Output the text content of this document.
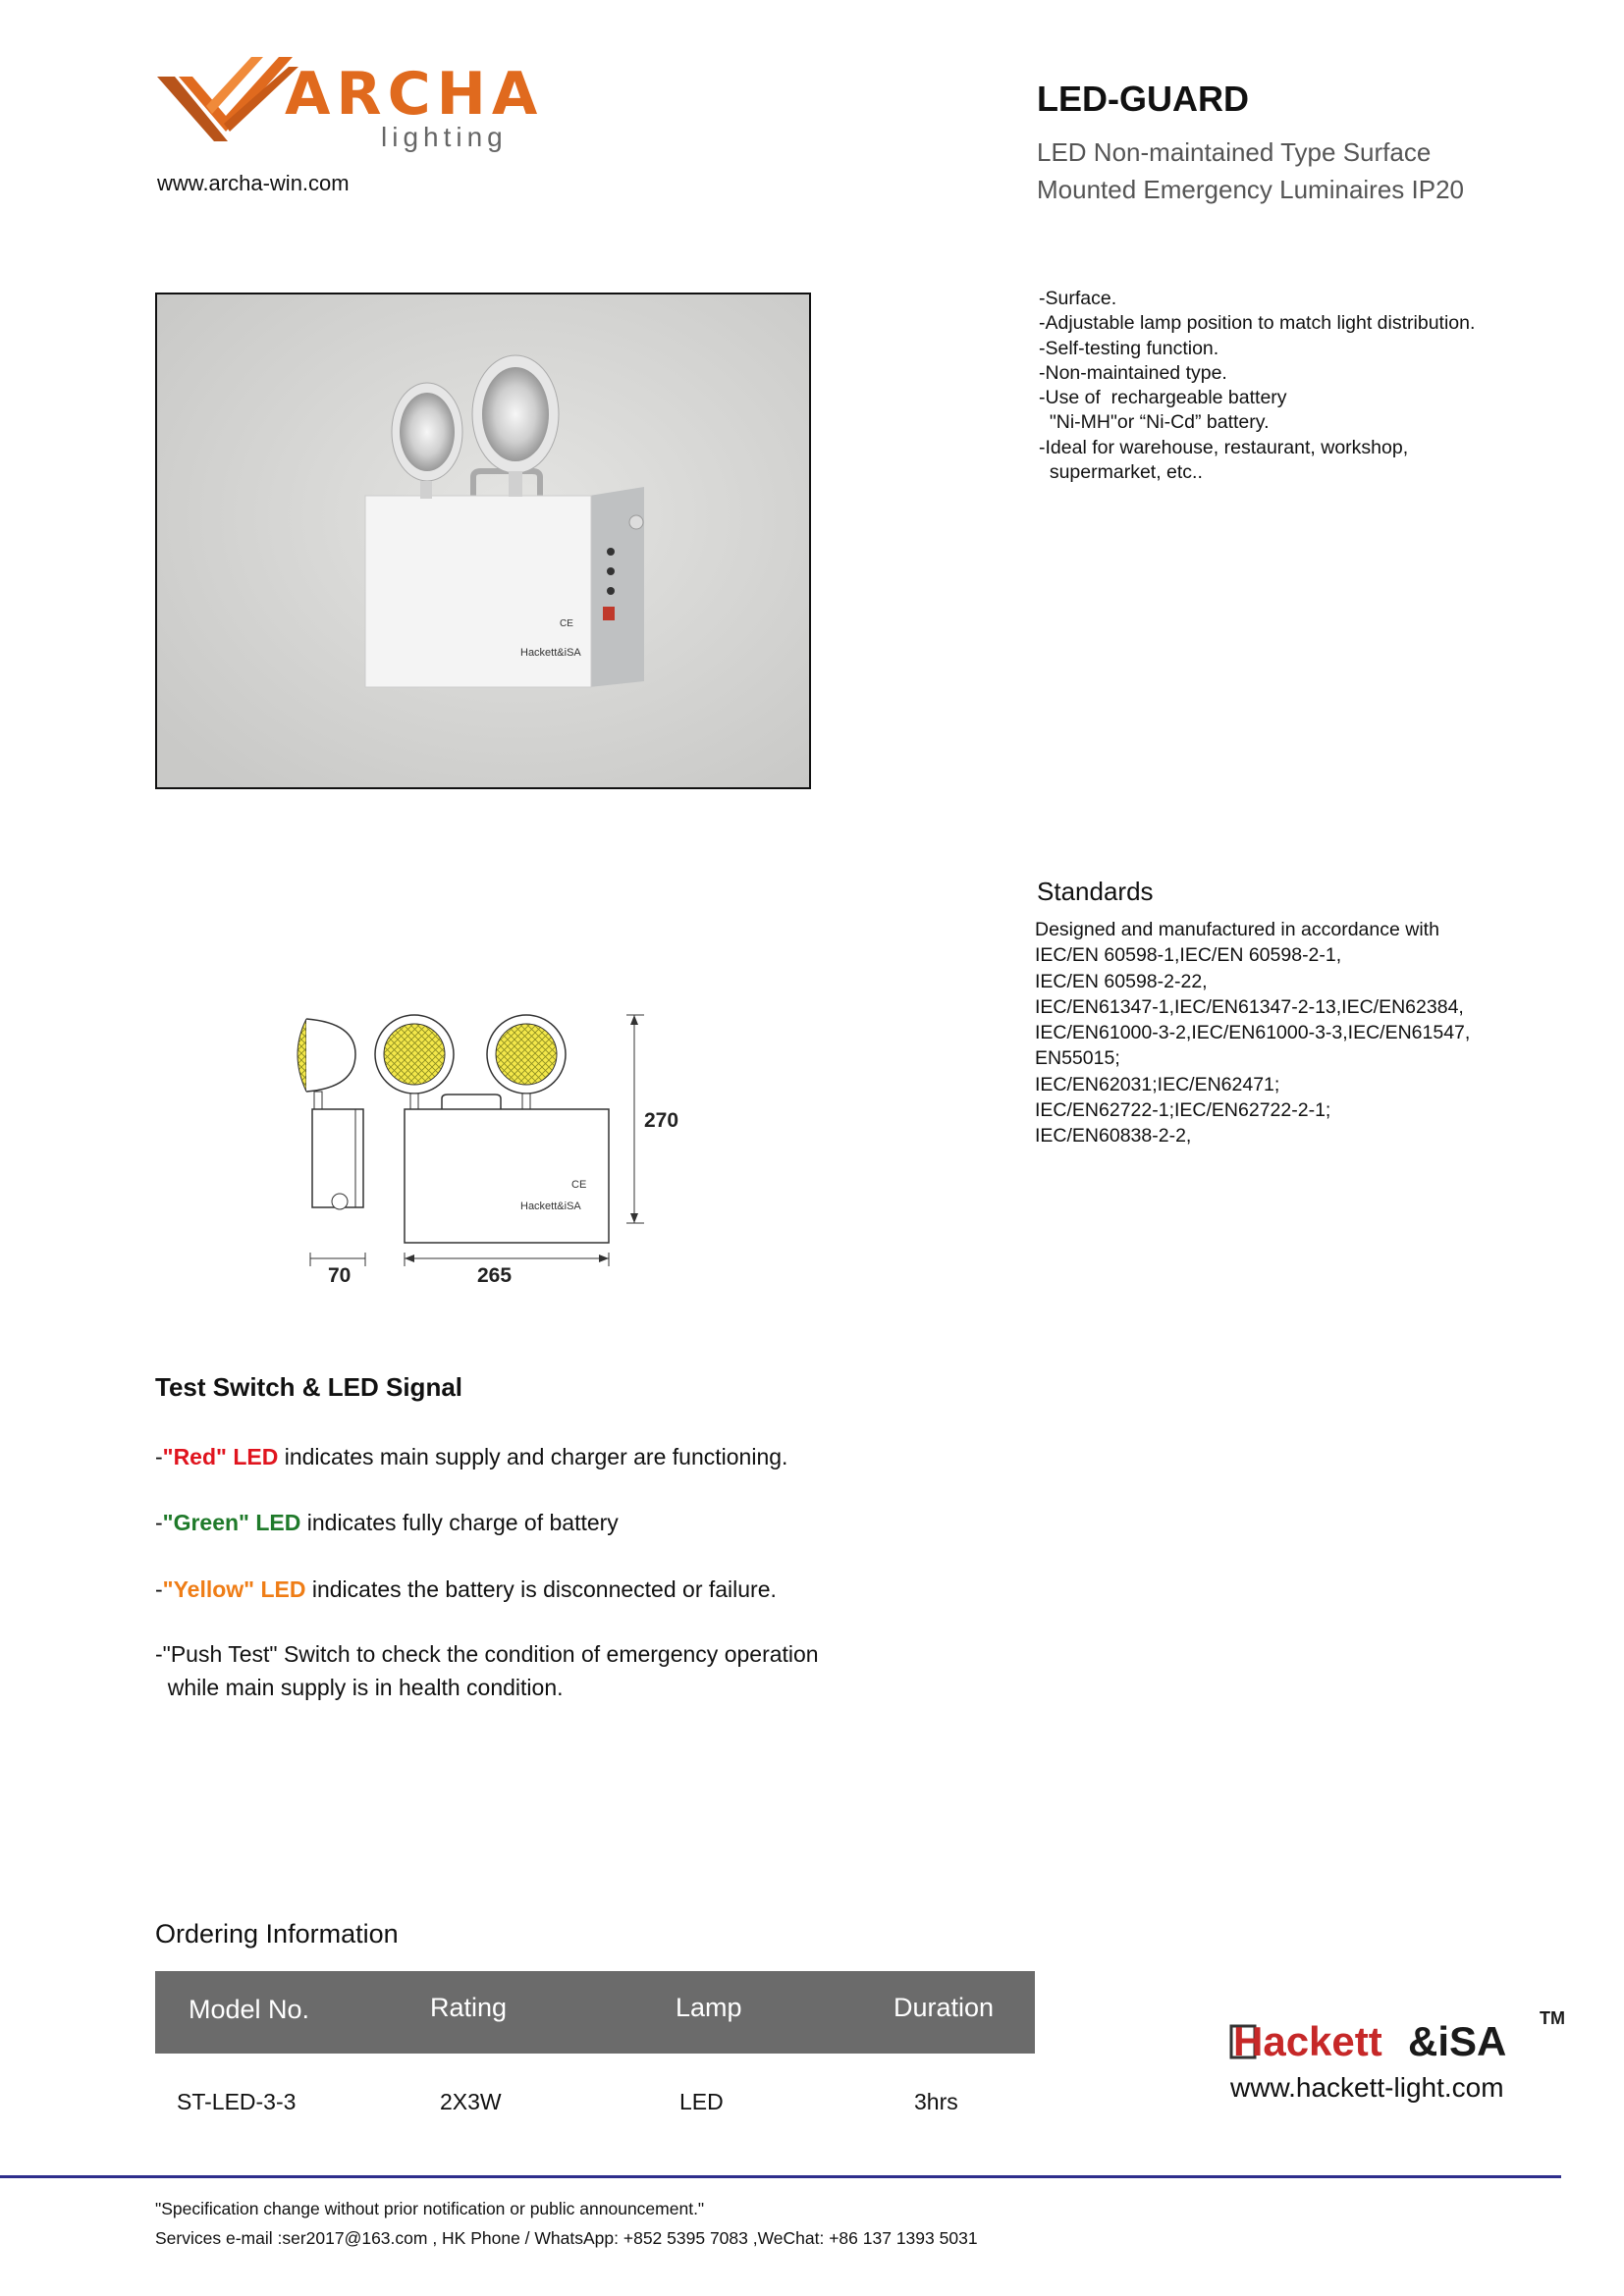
ARCHA
lighting
www.archa-win.com
LED-GUARD
LED Non-maintained Type Surface
Mounted Emergency Luminaires IP20
CE
Hackett&iSA
-Surface.
-Adjustable lamp position to match light distribution.
-Self-testing function.
-Non-maintained type.
-Use of  rechargeable battery
"Ni-MH"or “Ni-Cd” battery.
-Ideal for warehouse, restaurant, workshop,
supermarket, etc..
Standards
Designed and manufactured in accordance with
IEC/EN 60598-1,IEC/EN 60598-2-1,
IEC/EN 60598-2-22,
IEC/EN61347-1,IEC/EN61347-2-13,IEC/EN62384,
IEC/EN61000-3-2,IEC/EN61000-3-3,IEC/EN61547,
EN55015;
IEC/EN62031;IEC/EN62471;
IEC/EN62722-1;IEC/EN62722-2-1;
IEC/EN60838-2-2,
CE
Hackett&iSA
270
70	265
Test Switch & LED Signal
-"Red" LED indicates main supply and charger are functioning.
-"Green" LED indicates fully charge of battery
-"Yellow" LED indicates the battery is disconnected or failure.
-"Push Test" Switch to check the condition of emergency operation
while main supply is in health condition.
Ordering Information
Model No.	Rating	Lamp	Duration
ST-LED-3-3	2X3W	LED	3hrs
Hackett &iSA TM
www.hackett-light.com
"Specification change without prior notification or public announcement."
Services e-mail :ser2017@163.com , HK Phone / WhatsApp: +852 5395 7083 ,WeChat: +86 137 1393 5031
